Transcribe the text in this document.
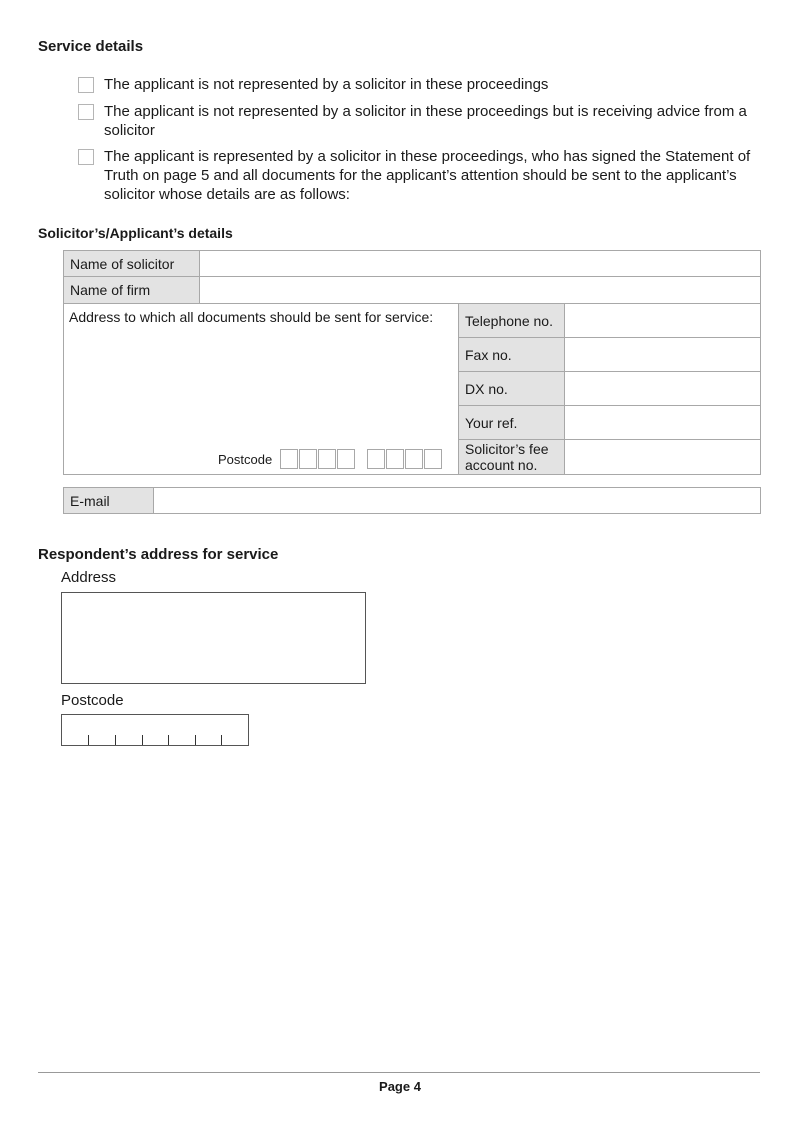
Service details
The applicant is not represented by a solicitor in these proceedings
The applicant is not represented by a solicitor in these proceedings but is receiving advice from a solicitor
The applicant is represented by a solicitor in these proceedings, who has signed the Statement of Truth on page 5 and all documents for the applicant’s attention should be sent to the applicant’s solicitor whose details are as follows:
Solicitor’s/Applicant’s details
Name of solicitor
Name of firm
Address to which all documents should be sent for service:
Postcode
Telephone no.
Fax no.
DX no.
Your ref.
Solicitor’s fee
account no.
E-mail
Respondent’s address for service
Address
Postcode
Page 4
